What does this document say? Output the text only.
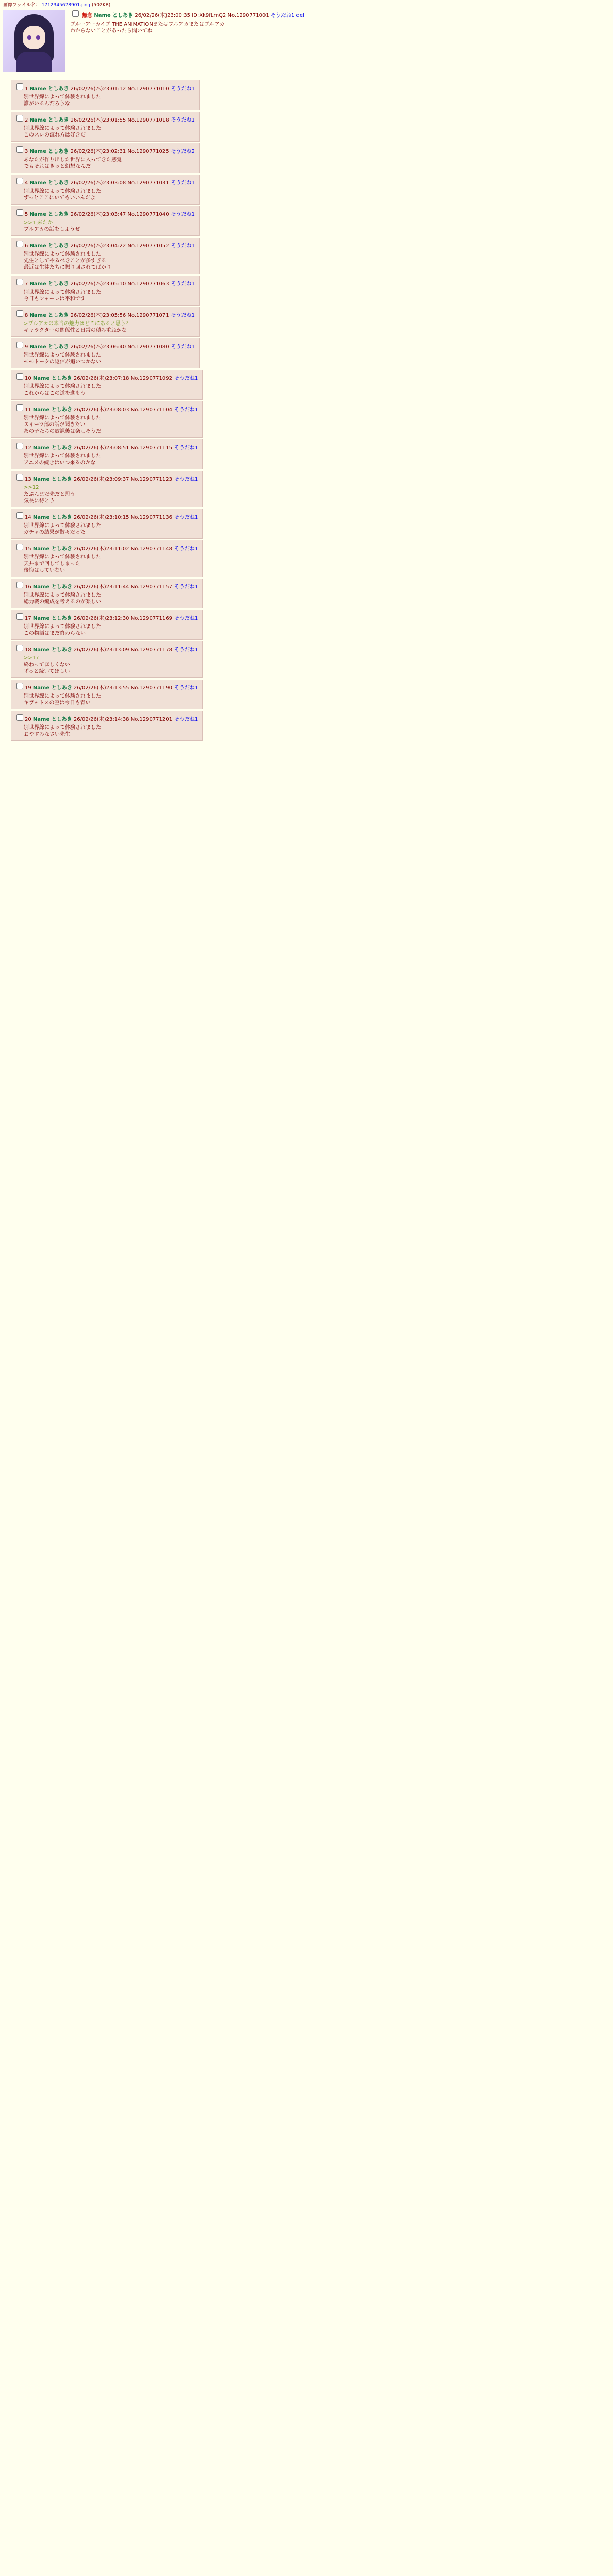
画像ファイル名： 1712345678901.png (502KB)
無念 Name としあき 26/02/26(木)23:00:35 ID:Xk9fLmQ2 No.1290771001 そうだね1 del
ブルーアーカイブ THE ANIMATIONまたはブルアカまたはブルアカ
わからないことがあったら聞いてね
1 Name としあき 26/02/26(木)23:01:12 No.1290771010 そうだね1
別世界線によって体験されました
誰がいるんだろうな
2 Name としあき 26/02/26(木)23:01:55 No.1290771018 そうだね1
別世界線によって体験されました
このスレの流れ方は好きだ
3 Name としあき 26/02/26(木)23:02:31 No.1290771025 そうだね2
あなたが作り出した世界に入ってきた感覚
でもそれはきっと幻想なんだ
4 Name としあき 26/02/26(木)23:03:08 No.1290771031 そうだね1
別世界線によって体験されました
ずっとここにいてもいいんだよ
5 Name としあき 26/02/26(木)23:03:47 No.1290771040 そうだね1
>>1 来たか
ブルアカの話をしようぜ
6 Name としあき 26/02/26(木)23:04:22 No.1290771052 そうだね1
別世界線によって体験されました
先生としてやるべきことが多すぎる
最近は生徒たちに振り回されてばかり
7 Name としあき 26/02/26(木)23:05:10 No.1290771063 そうだね1
別世界線によって体験されました
今日もシャーレは平和です
8 Name としあき 26/02/26(木)23:05:56 No.1290771071 そうだね1
>ブルアカの本当の魅力はどこにあると思う？
キャラクターの関係性と日常の積み重ねかな
9 Name としあき 26/02/26(木)23:06:40 No.1290771080 そうだね1
別世界線によって体験されました
モモトークの返信が追いつかない
10 Name としあき 26/02/26(木)23:07:18 No.1290771092 そうだね1
別世界線によって体験されました
これからはこの道を進もう
11 Name としあき 26/02/26(木)23:08:03 No.1290771104 そうだね1
別世界線によって体験されました
スイーツ部の話が聞きたい
あの子たちの放課後は楽しそうだ
12 Name としあき 26/02/26(木)23:08:51 No.1290771115 そうだね1
別世界線によって体験されました
アニメの続きはいつ来るのかな
13 Name としあき 26/02/26(木)23:09:37 No.1290771123 そうだね1
>>12
たぶんまだ先だと思う
気長に待とう
14 Name としあき 26/02/26(木)23:10:15 No.1290771136 そうだね1
別世界線によって体験されました
ガチャの結果が散々だった
15 Name としあき 26/02/26(木)23:11:02 No.1290771148 そうだね1
別世界線によって体験されました
天井まで回してしまった
後悔はしていない
16 Name としあき 26/02/26(木)23:11:44 No.1290771157 そうだね1
別世界線によって体験されました
総力戦の編成を考えるのが楽しい
17 Name としあき 26/02/26(木)23:12:30 No.1290771169 そうだね1
別世界線によって体験されました
この物語はまだ終わらない
18 Name としあき 26/02/26(木)23:13:09 No.1290771178 そうだね1
>>17
終わってほしくない
ずっと続いてほしい
19 Name としあき 26/02/26(木)23:13:55 No.1290771190 そうだね1
別世界線によって体験されました
キヴォトスの空は今日も青い
20 Name としあき 26/02/26(木)23:14:38 No.1290771201 そうだね1
別世界線によって体験されました
おやすみなさい先生
